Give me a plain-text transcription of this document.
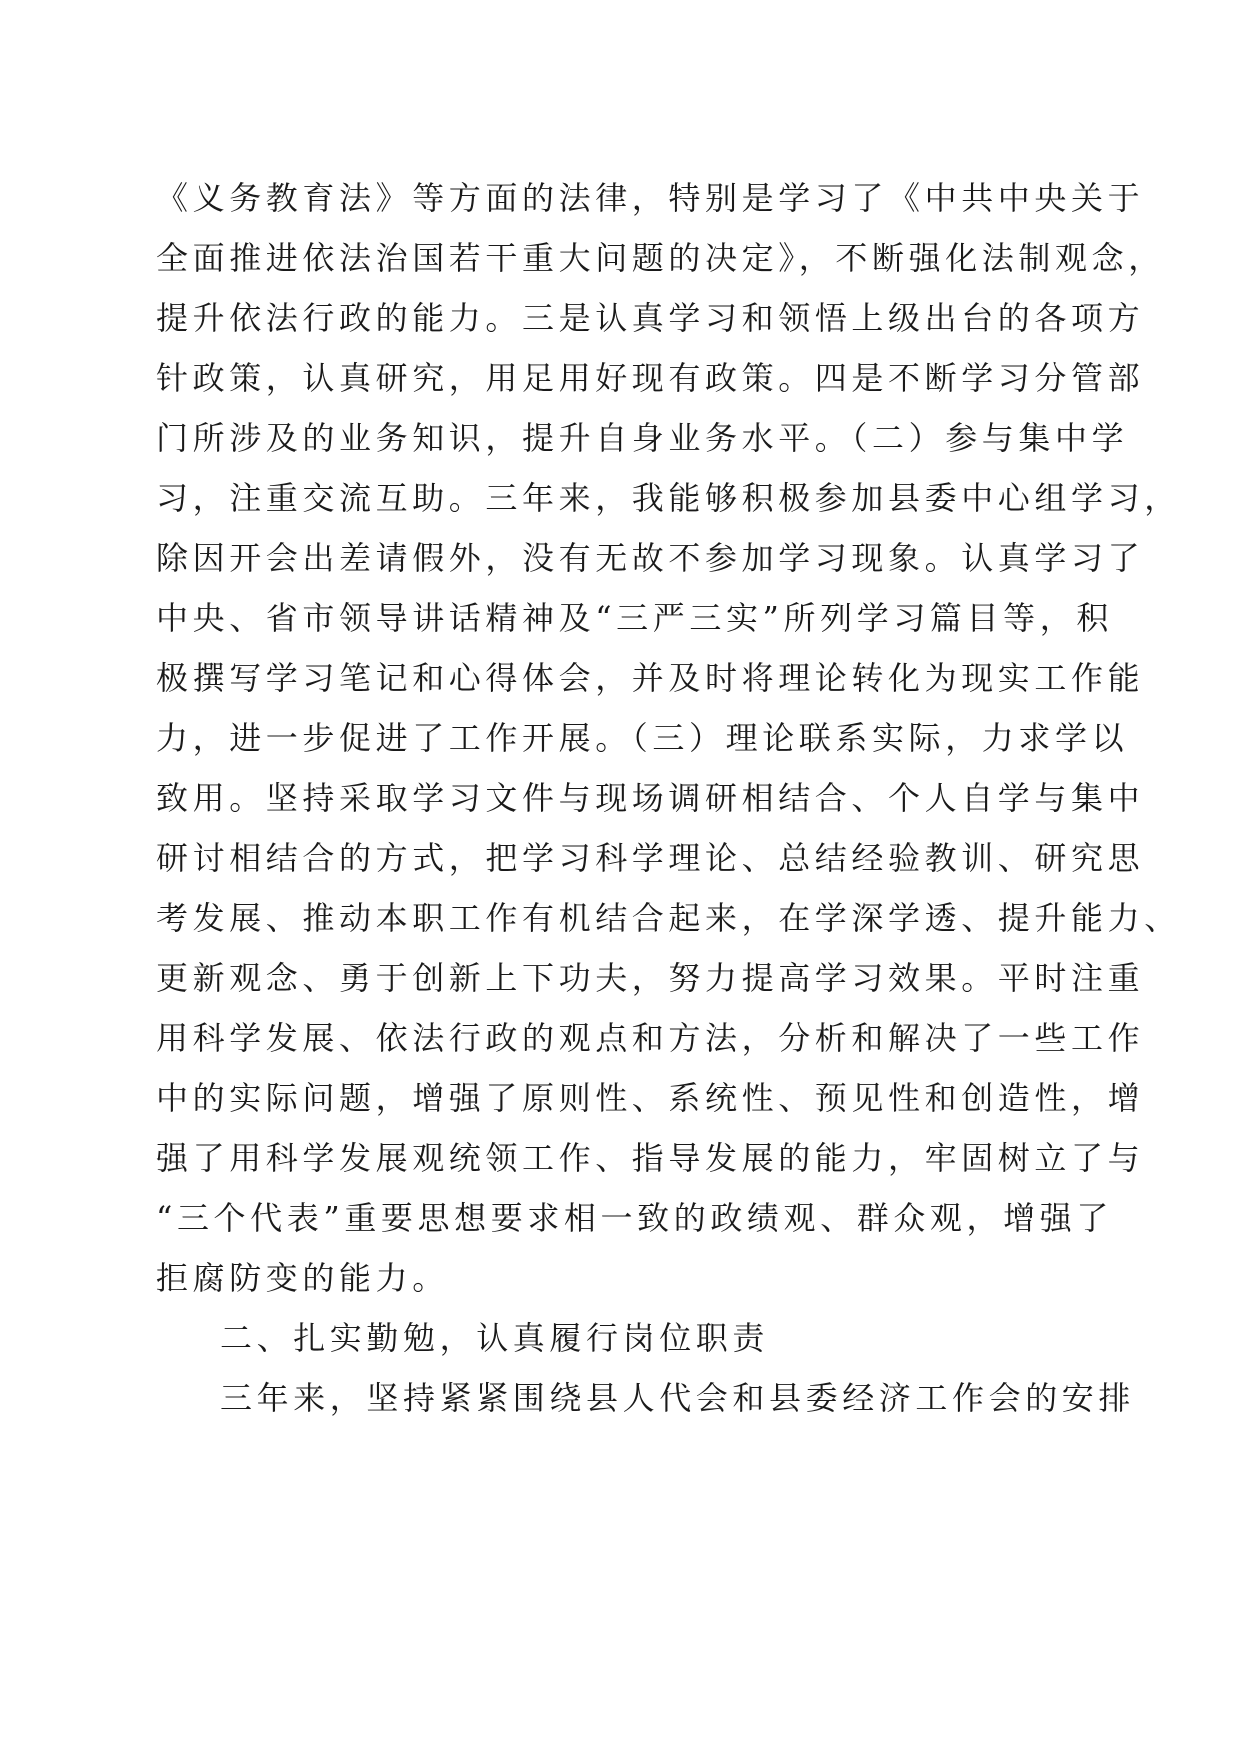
《义务教育法》等方面的法律，特别是学习了《中共中央关于
全面推进依法治国若干重大问题的决定》，不断强化法制观念，
提升依法行政的能力。三是认真学习和领悟上级出台的各项方
针政策，认真研究，用足用好现有政策。四是不断学习分管部
门所涉及的业务知识，提升自身业务水平。（二）参与集中学
习，注重交流互助。三年来，我能够积极参加县委中心组学习，
除因开会出差请假外，没有无故不参加学习现象。认真学习了
中央、省市领导讲话精神及“三严三实”所列学习篇目等，积
极撰写学习笔记和心得体会，并及时将理论转化为现实工作能
力，进一步促进了工作开展。（三）理论联系实际，力求学以
致用。坚持采取学习文件与现场调研相结合、个人自学与集中
研讨相结合的方式，把学习科学理论、总结经验教训、研究思
考发展、推动本职工作有机结合起来，在学深学透、提升能力、
更新观念、勇于创新上下功夫，努力提高学习效果。平时注重
用科学发展、依法行政的观点和方法，分析和解决了一些工作
中的实际问题，增强了原则性、系统性、预见性和创造性，增
强了用科学发展观统领工作、指导发展的能力，牢固树立了与
“三个代表”重要思想要求相一致的政绩观、群众观，增强了
拒腐防变的能力。
二、扎实勤勉，认真履行岗位职责
三年来，坚持紧紧围绕县人代会和县委经济工作会的安排
